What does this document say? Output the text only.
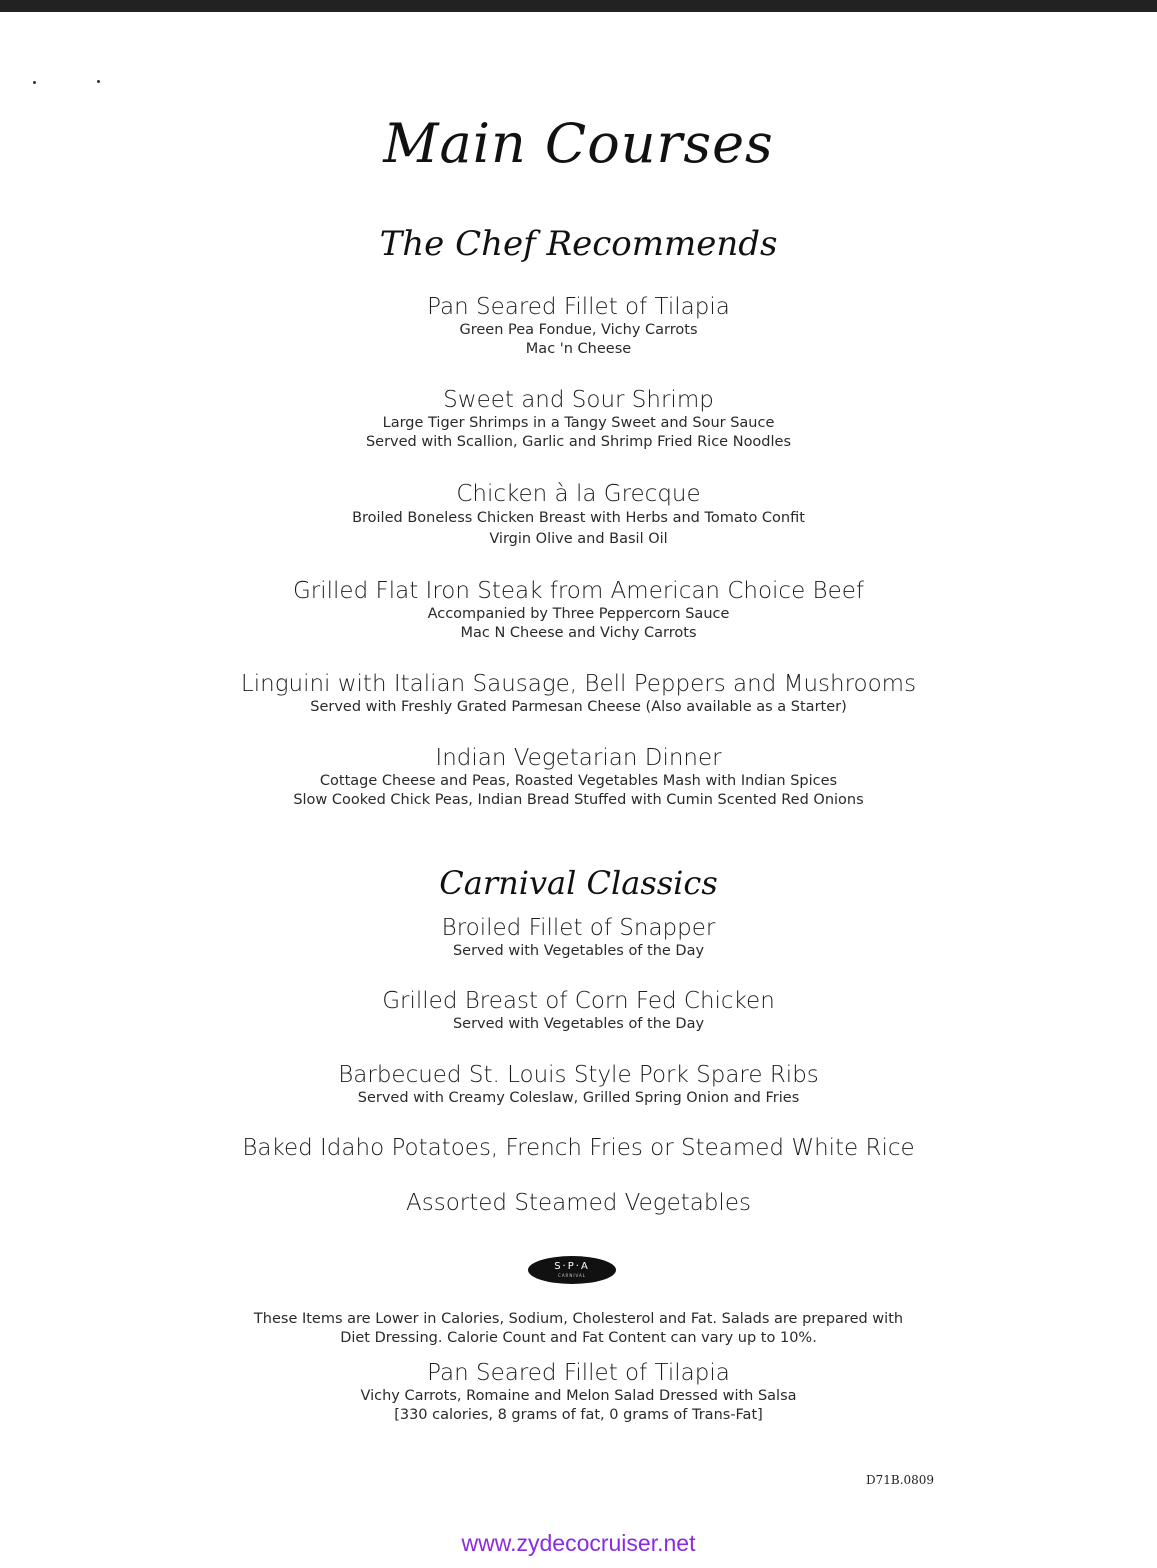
Main Courses
The Chef Recommends
Pan Seared Fillet of Tilapia
Green Pea Fondue, Vichy Carrots
Mac 'n Cheese
Sweet and Sour Shrimp
Large Tiger Shrimps in a Tangy Sweet and Sour Sauce
Served with Scallion, Garlic and Shrimp Fried Rice Noodles
Chicken à la Grecque
Broiled Boneless Chicken Breast with Herbs and Tomato Confit
Virgin Olive and Basil Oil
Grilled Flat Iron Steak from American Choice Beef
Accompanied by Three Peppercorn Sauce
Mac N Cheese and Vichy Carrots
Linguini with Italian Sausage, Bell Peppers and Mushrooms
Served with Freshly Grated Parmesan Cheese (Also available as a Starter)
Indian Vegetarian Dinner
Cottage Cheese and Peas, Roasted Vegetables Mash with Indian Spices
Slow Cooked Chick Peas, Indian Bread Stuffed with Cumin Scented Red Onions
Carnival Classics
Broiled Fillet of Snapper
Served with Vegetables of the Day
Grilled Breast of Corn Fed Chicken
Served with Vegetables of the Day
Barbecued St. Louis Style Pork Spare Ribs
Served with Creamy Coleslaw, Grilled Spring Onion and Fries
Baked Idaho Potatoes, French Fries or Steamed White Rice
Assorted Steamed Vegetables
S·P·A
CARNIVAL
These Items are Lower in Calories, Sodium, Cholesterol and Fat. Salads are prepared with
Diet Dressing. Calorie Count and Fat Content can vary up to 10%.
Pan Seared Fillet of Tilapia
Vichy Carrots, Romaine and Melon Salad Dressed with Salsa
[330 calories, 8 grams of fat, 0 grams of Trans-Fat]
D71B.0809
www.zydecocruiser.net
